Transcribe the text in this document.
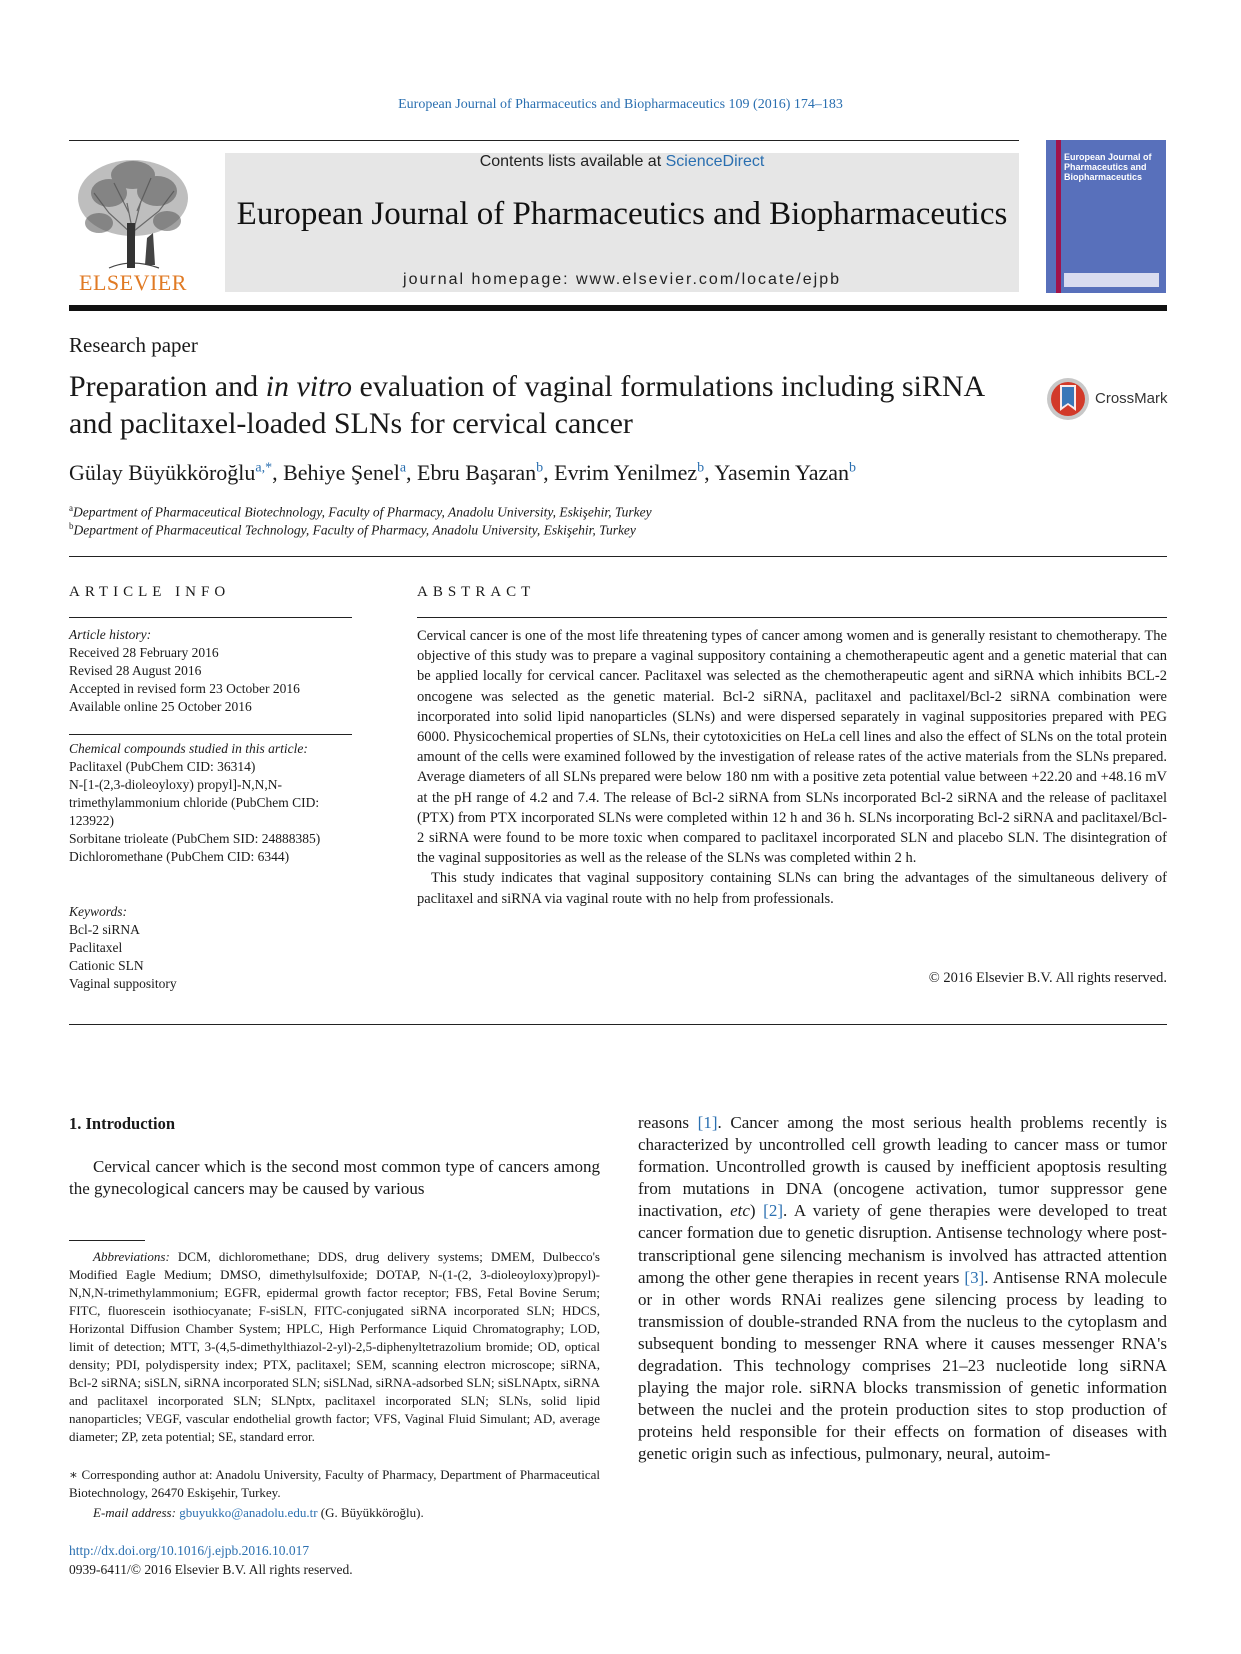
European Journal of Pharmaceutics and Biopharmaceutics 109 (2016) 174–183
ELSEVIER
Contents lists available at ScienceDirect
European Journal of Pharmaceutics and Biopharmaceutics
journal homepage: www.elsevier.com/locate/ejpb
European Journal of Pharmaceutics and Biopharmaceutics
Research paper
Preparation and in vitro evaluation of vaginal formulations including siRNA and paclitaxel-loaded SLNs for cervical cancer
CrossMark
Gülay Büyükköroğlu$^{a,*}$, Behiye Şenel$^a$, Ebru Başaran$^b$, Evrim Yenilmez$^b$, Yasemin Yazan$^b$
$^a$Department of Pharmaceutical Biotechnology, Faculty of Pharmacy, Anadolu University, Eskişehir, Turkey
$^b$Department of Pharmaceutical Technology, Faculty of Pharmacy, Anadolu University, Eskişehir, Turkey
ARTICLE INFO
Article history:
Received 28 February 2016
Revised 28 August 2016
Accepted in revised form 23 October 2016
Available online 25 October 2016
Chemical compounds studied in this article:
Paclitaxel (PubChem CID: 36314)
N-[1-(2,3-dioleoyloxy) propyl]-N,N,N-trimethylammonium chloride (PubChem CID: 123922)
Sorbitane trioleate (PubChem SID: 24888385)
Dichloromethane (PubChem CID: 6344)
Keywords:
Bcl-2 siRNA
Paclitaxel
Cationic SLN
Vaginal suppository
ABSTRACT

Cervical cancer is one of the most life threatening types of cancer among women and is generally resistant to chemotherapy. The objective of this study was to prepare a vaginal suppository containing a chemotherapeutic agent and a genetic material that can be applied locally for cervical cancer. Paclitaxel was selected as the chemotherapeutic agent and siRNA which inhibits BCL-2 oncogene was selected as the genetic material. Bcl-2 siRNA, paclitaxel and paclitaxel/Bcl-2 siRNA combination were incorporated into solid lipid nanoparticles (SLNs) and were dispersed separately in vaginal suppositories prepared with PEG 6000. Physicochemical properties of SLNs, their cytotoxicities on HeLa cell lines and also the effect of SLNs on the total protein amount of the cells were examined followed by the investigation of release rates of the active materials from the SLNs prepared. Average diameters of all SLNs prepared were below 180 nm with a positive zeta potential value between +22.20 and +48.16 mV at the pH range of 4.2 and 7.4. The release of Bcl-2 siRNA from SLNs incorporated Bcl-2 siRNA and the release of paclitaxel (PTX) from PTX incorporated SLNs were completed within 12 h and 36 h. SLNs incorporating Bcl-2 siRNA and paclitaxel/Bcl-2 siRNA were found to be more toxic when compared to paclitaxel incorporated SLN and placebo SLN. The disintegration of the vaginal suppositories as well as the release of the SLNs was completed within 2 h.

This study indicates that vaginal suppository containing SLNs can bring the advantages of the simultaneous delivery of paclitaxel and siRNA via vaginal route with no help from professionals.

© 2016 Elsevier B.V. All rights reserved.
1. Introduction
Cervical cancer which is the second most common type of cancers among the gynecological cancers may be caused by various
reasons [1]. Cancer among the most serious health problems recently is characterized by uncontrolled cell growth leading to cancer mass or tumor formation. Uncontrolled growth is caused by inefficient apoptosis resulting from mutations in DNA (oncogene activation, tumor suppressor gene inactivation, etc) [2]. A variety of gene therapies were developed to treat cancer formation due to genetic disruption. Antisense technology where post-transcriptional gene silencing mechanism is involved has attracted attention among the other gene therapies in recent years [3]. Antisense RNA molecule or in other words RNAi realizes gene silencing process by leading to transmission of double-stranded RNA from the nucleus to the cytoplasm and subsequent bonding to messenger RNA where it causes messenger RNA's degradation. This technology comprises 21–23 nucleotide long siRNA playing the major role. siRNA blocks transmission of genetic information between the nuclei and the protein production sites to stop production of proteins held responsible for their effects on formation of diseases with genetic origin such as infectious, pulmonary, neural, autoim-
Abbreviations: DCM, dichloromethane; DDS, drug delivery systems; DMEM, Dulbecco's Modified Eagle Medium; DMSO, dimethylsulfoxide; DOTAP, N-(1-(2, 3-dioleoyloxy)propyl)-N,N,N-trimethylammonium; EGFR, epidermal growth factor receptor; FBS, Fetal Bovine Serum; FITC, fluorescein isothiocyanate; F-siSLN, FITC-conjugated siRNA incorporated SLN; HDCS, Horizontal Diffusion Chamber System; HPLC, High Performance Liquid Chromatography; LOD, limit of detection; MTT, 3-(4,5-dimethylthiazol-2-yl)-2,5-diphenyltetrazolium bromide; OD, optical density; PDI, polydispersity index; PTX, paclitaxel; SEM, scanning electron microscope; siRNA, Bcl-2 siRNA; siSLN, siRNA incorporated SLN; siSLNad, siRNA-adsorbed SLN; siSLNAptx, siRNA and paclitaxel incorporated SLN; SLNptx, paclitaxel incorporated SLN; SLNs, solid lipid nanoparticles; VEGF, vascular endothelial growth factor; VFS, Vaginal Fluid Simulant; AD, average diameter; ZP, zeta potential; SE, standard error.
∗ Corresponding author at: Anadolu University, Faculty of Pharmacy, Department of Pharmaceutical Biotechnology, 26470 Eskişehir, Turkey.
E-mail address: gbuyukko@anadolu.edu.tr (G. Büyükköroğlu).
http://dx.doi.org/10.1016/j.ejpb.2016.10.017
0939-6411/© 2016 Elsevier B.V. All rights reserved.
